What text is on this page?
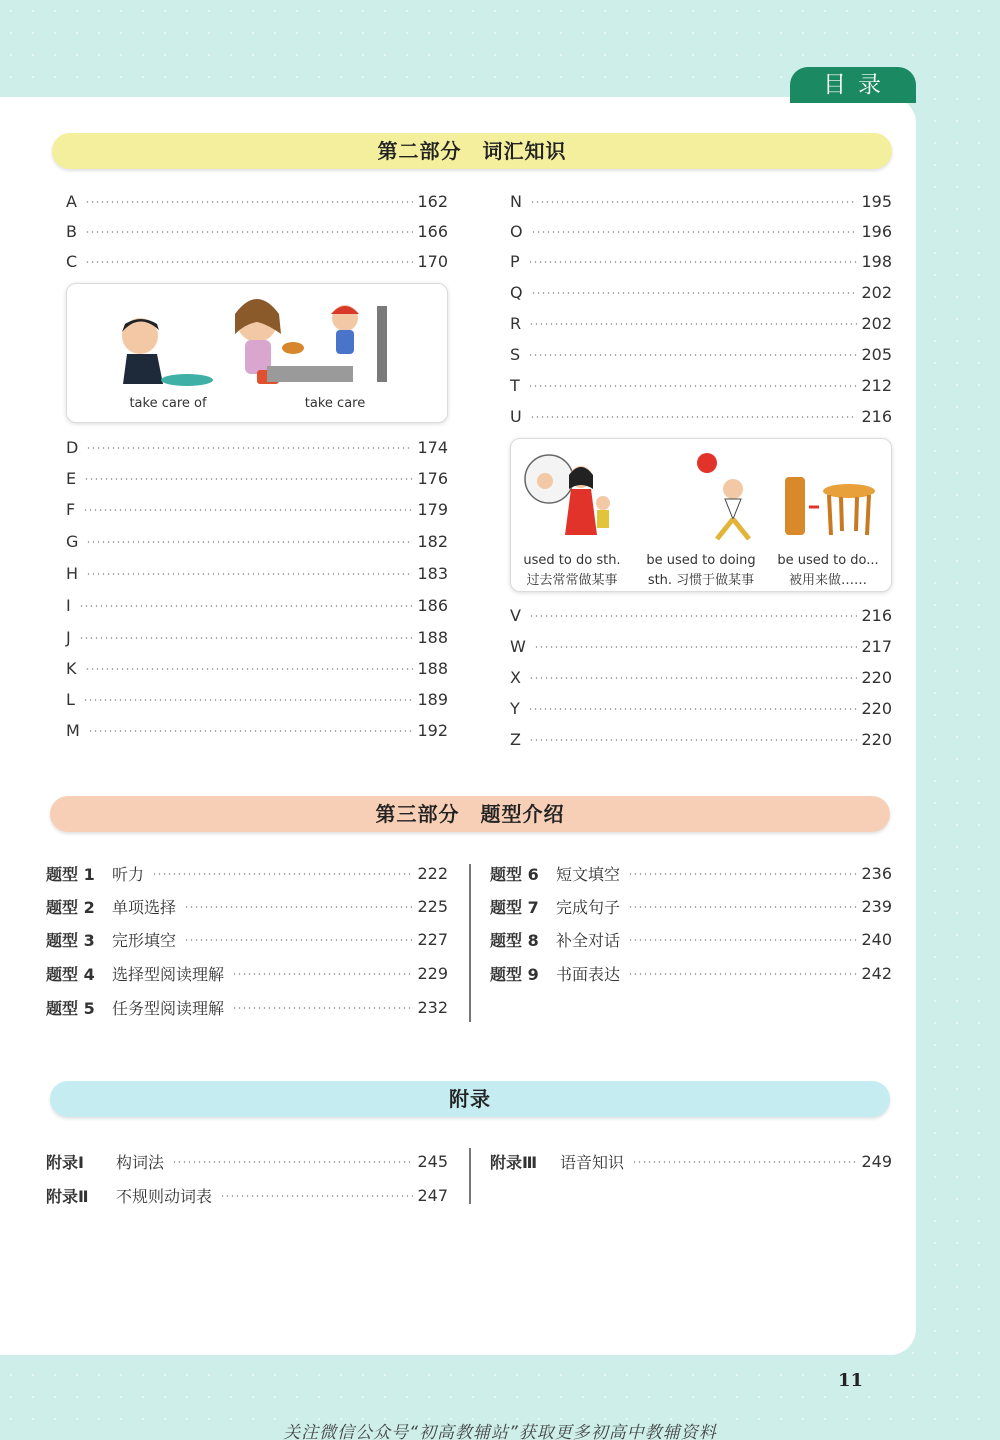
目录
第二部分　词汇知识
A	162
B	166
C	170
take care of	take care
D	174
E	176
F	179
G	182
H	183
I	186
J	188
K	188
L	189
M	192
N	195
O	196
P	198
Q	202
R	202
S	205
T	212
U	216
used to do sth.
过去常常做某事
be used to doing
sth. 习惯于做某事
be used to do...
被用来做……
V	216
W	217
X	220
Y	220
Z	220
第三部分　题型介绍
题型 1	听力	222
题型 2	单项选择	225
题型 3	完形填空	227
题型 4	选择型阅读理解	229
题型 5	任务型阅读理解	232
题型 6	短文填空	236
题型 7	完成句子	239
题型 8	补全对话	240
题型 9	书面表达	242
附录
附录Ⅰ	构词法	245
附录Ⅱ	不规则动词表	247
附录Ⅲ	语音知识	249
11
关注微信公众号“初高教辅站”获取更多初高中教辅资料
